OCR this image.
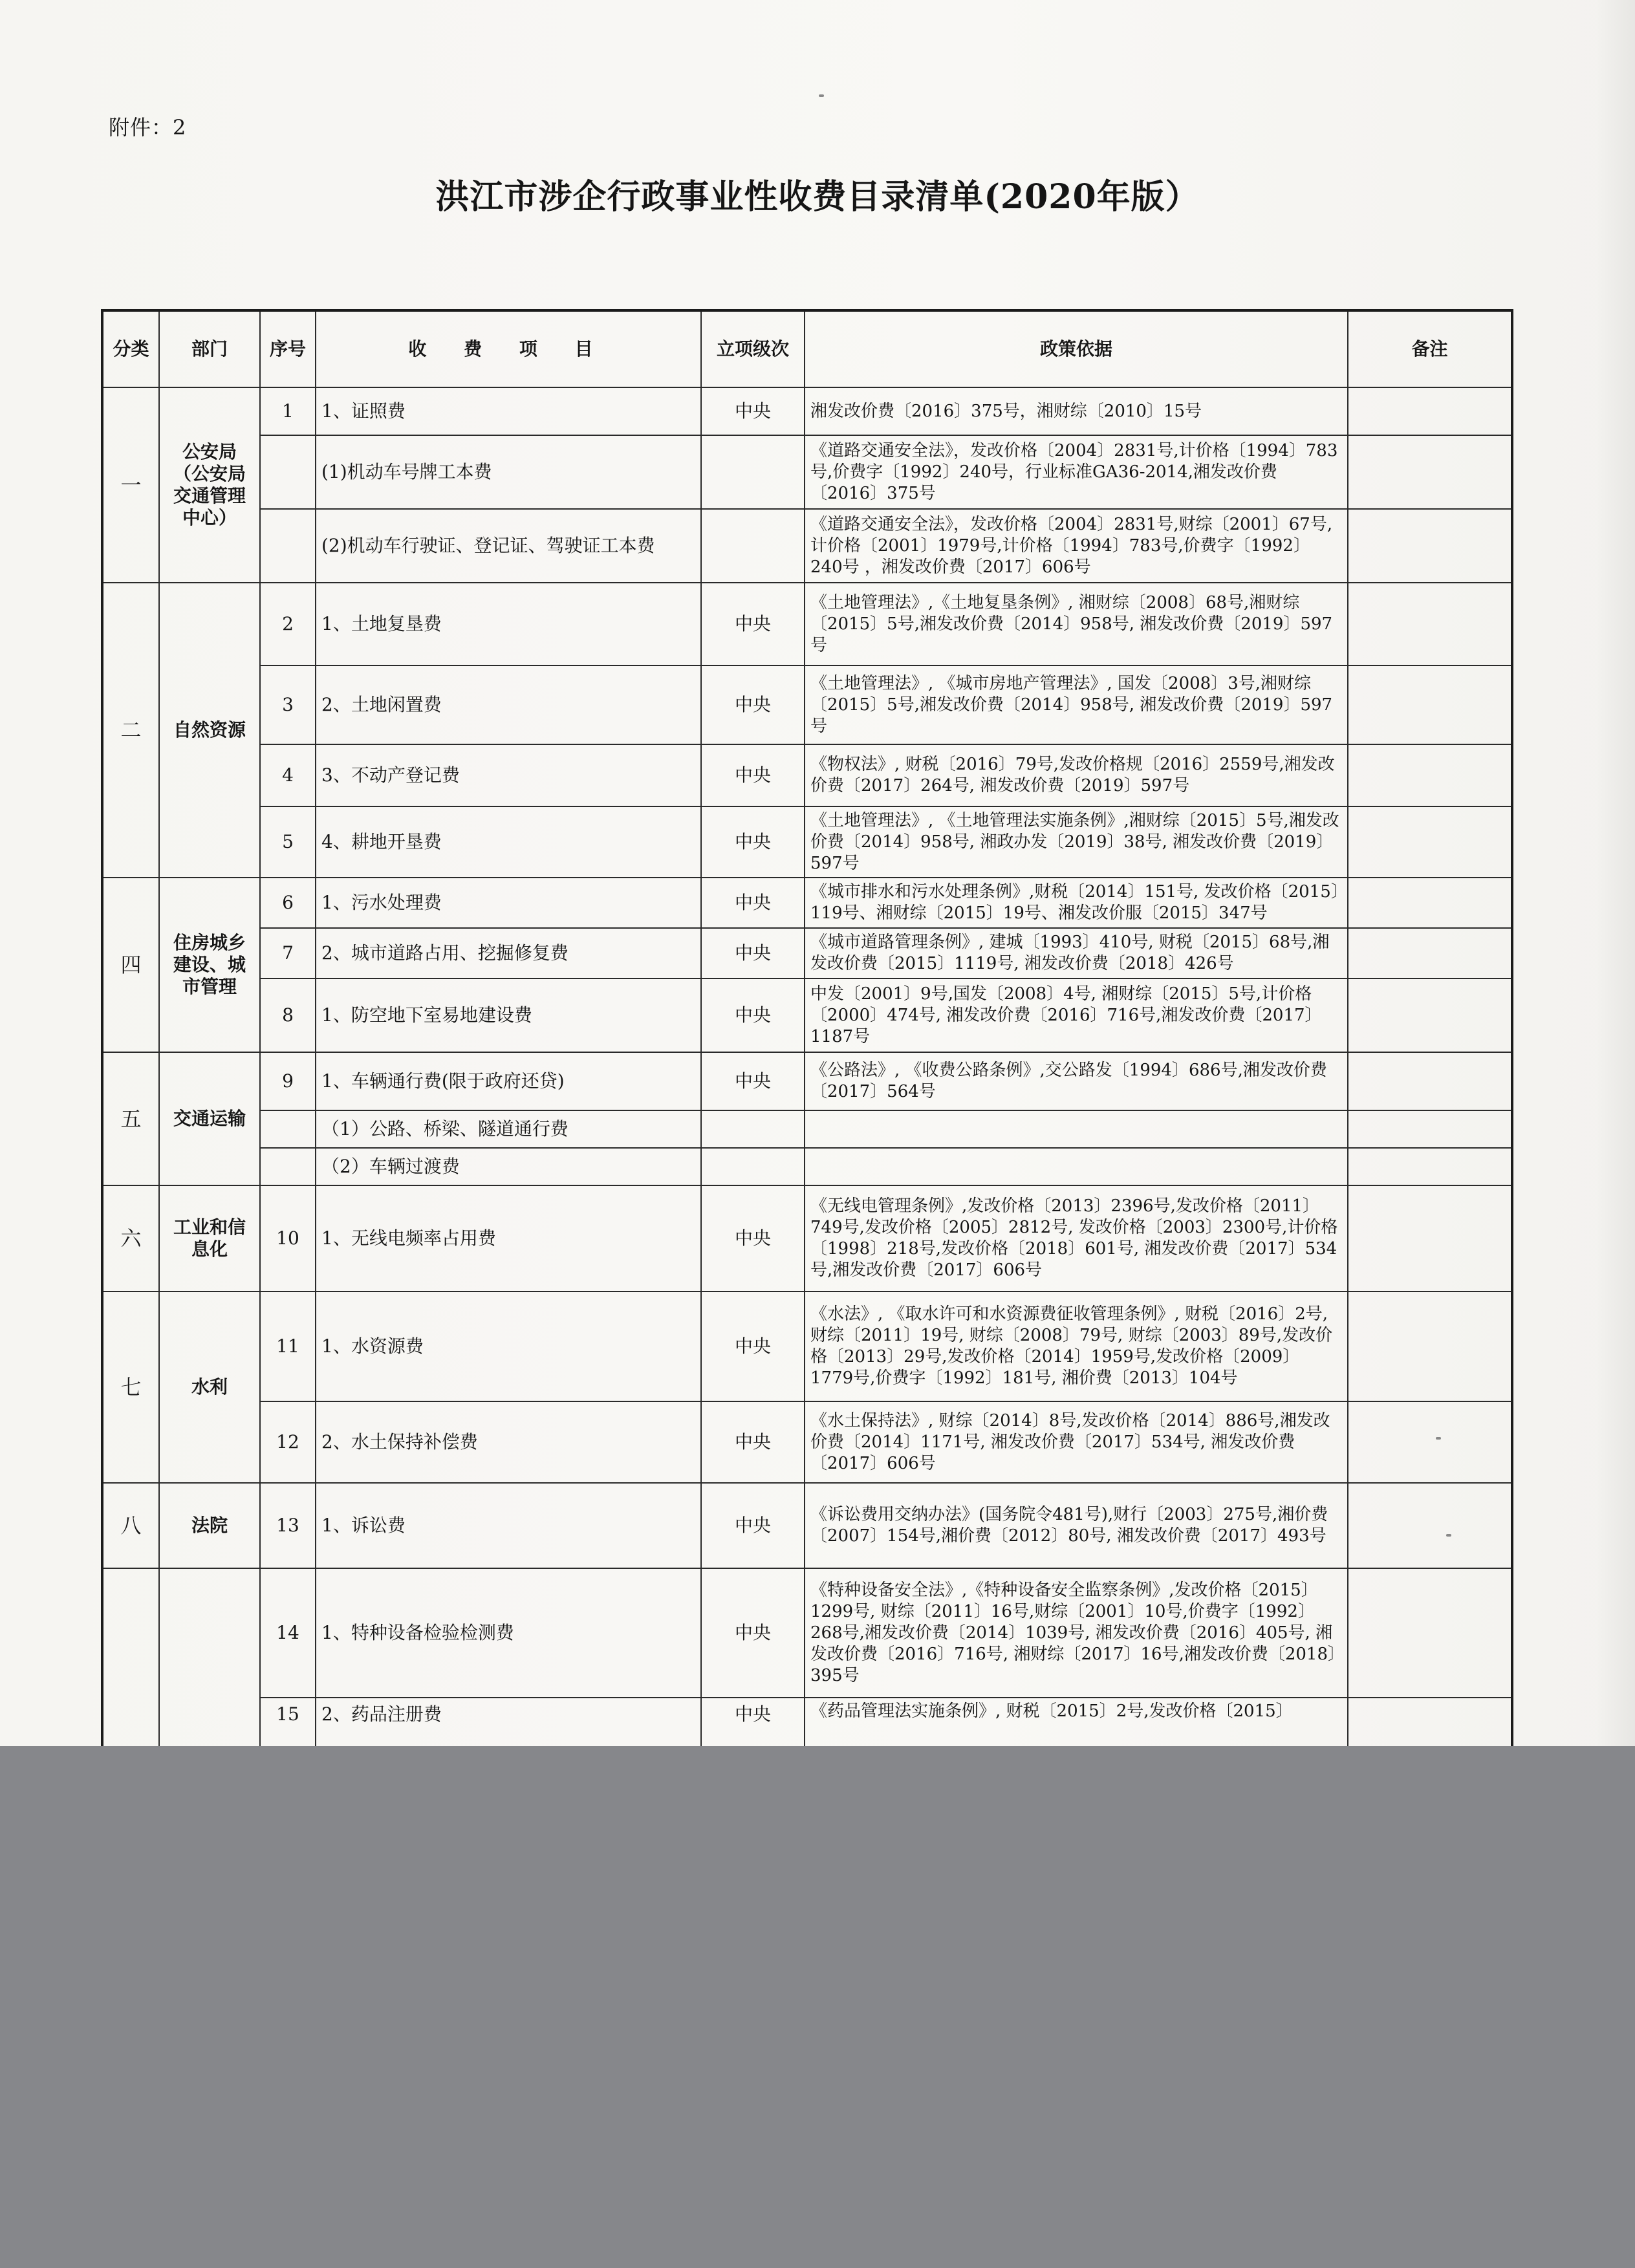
附件：2
洪江市涉企行政事业性收费目录清单(2020年版）
分类	部门	序号	收 费 项 目	立项级次	政策依据	备注
一	公安局（公安局交通管理中心）	1	1、证照费	中央	湘发改价费〔2016〕375号，湘财综〔2010〕15号	
			(1)机动车号牌工本费		《道路交通安全法》，发改价格〔2004〕2831号,计价格〔1994〕783号,价费字〔1992〕240号，行业标准GA36-2014,湘发改价费〔2016〕375号	
			(2)机动车行驶证、登记证、驾驶证工本费		《道路交通安全法》，发改价格〔2004〕2831号,财综〔2001〕67号,计价格〔2001〕1979号,计价格〔1994〕783号,价费字〔1992〕240号 ，湘发改价费〔2017〕606号	
二	自然资源	2	1、土地复垦费	中央	《土地管理法》,《土地复垦条例》, 湘财综〔2008〕68号,湘财综〔2015〕5号,湘发改价费〔2014〕958号, 湘发改价费〔2019〕597号	
		3	2、土地闲置费	中央	《土地管理法》, 《城市房地产管理法》, 国发〔2008〕3号,湘财综〔2015〕5号,湘发改价费〔2014〕958号, 湘发改价费〔2019〕597号	
		4	3、不动产登记费	中央	《物权法》, 财税〔2016〕79号,发改价格规〔2016〕2559号,湘发改价费〔2017〕264号, 湘发改价费〔2019〕597号	
		5	4、耕地开垦费	中央	《土地管理法》, 《土地管理法实施条例》,湘财综〔2015〕5号,湘发改价费〔2014〕958号, 湘政办发〔2019〕38号, 湘发改价费〔2019〕597号	
四	住房城乡建设、城市管理	6	1、污水处理费	中央	《城市排水和污水处理条例》,财税〔2014〕151号, 发改价格〔2015〕119号、湘财综〔2015〕19号、湘发改价服〔2015〕347号	
		7	2、城市道路占用、挖掘修复费	中央	《城市道路管理条例》, 建城〔1993〕410号, 财税〔2015〕68号,湘发改价费〔2015〕1119号, 湘发改价费〔2018〕426号	
		8	1、防空地下室易地建设费	中央	中发〔2001〕9号,国发〔2008〕4号, 湘财综〔2015〕5号,计价格〔2000〕474号, 湘发改价费〔2016〕716号,湘发改价费〔2017〕1187号	
五	交通运输	9	1、车辆通行费(限于政府还贷)	中央	《公路法》, 《收费公路条例》,交公路发〔1994〕686号,湘发改价费〔2017〕564号	
			（1）公路、桥梁、隧道通行费			
			（2）车辆过渡费			
六	工业和信息化	10	1、无线电频率占用费	中央	《无线电管理条例》,发改价格〔2013〕2396号,发改价格〔2011〕749号,发改价格〔2005〕2812号, 发改价格〔2003〕2300号,计价格〔1998〕218号,发改价格〔2018〕601号, 湘发改价费〔2017〕534号,湘发改价费〔2017〕606号	
七	水利	11	1、水资源费	中央	《水法》, 《取水许可和水资源费征收管理条例》, 财税〔2016〕2号, 财综〔2011〕19号, 财综〔2008〕79号, 财综〔2003〕89号,发改价格〔2013〕29号,发改价格〔2014〕1959号,发改价格〔2009〕1779号,价费字〔1992〕181号, 湘价费〔2013〕104号	
		12	2、水土保持补偿费	中央	《水土保持法》, 财综〔2014〕8号,发改价格〔2014〕886号,湘发改价费〔2014〕1171号, 湘发改价费〔2017〕534号, 湘发改价费〔2017〕606号	
八	法院	13	1、诉讼费	中央	《诉讼费用交纳办法》(国务院令481号),财行〔2003〕275号,湘价费〔2007〕154号,湘价费〔2012〕80号, 湘发改价费〔2017〕493号	
		14	1、特种设备检验检测费	中央	《特种设备安全法》,《特种设备安全监察条例》,发改价格〔2015〕1299号, 财综〔2011〕16号,财综〔2001〕10号,价费字〔1992〕268号,湘发改价费〔2014〕1039号, 湘发改价费〔2016〕405号, 湘发改价费〔2016〕716号, 湘财综〔2017〕16号,湘发改价费〔2018〕395号	
		15	2、药品注册费	中央	《药品管理法实施条例》, 财税〔2015〕2号,发改价格〔2015〕	
